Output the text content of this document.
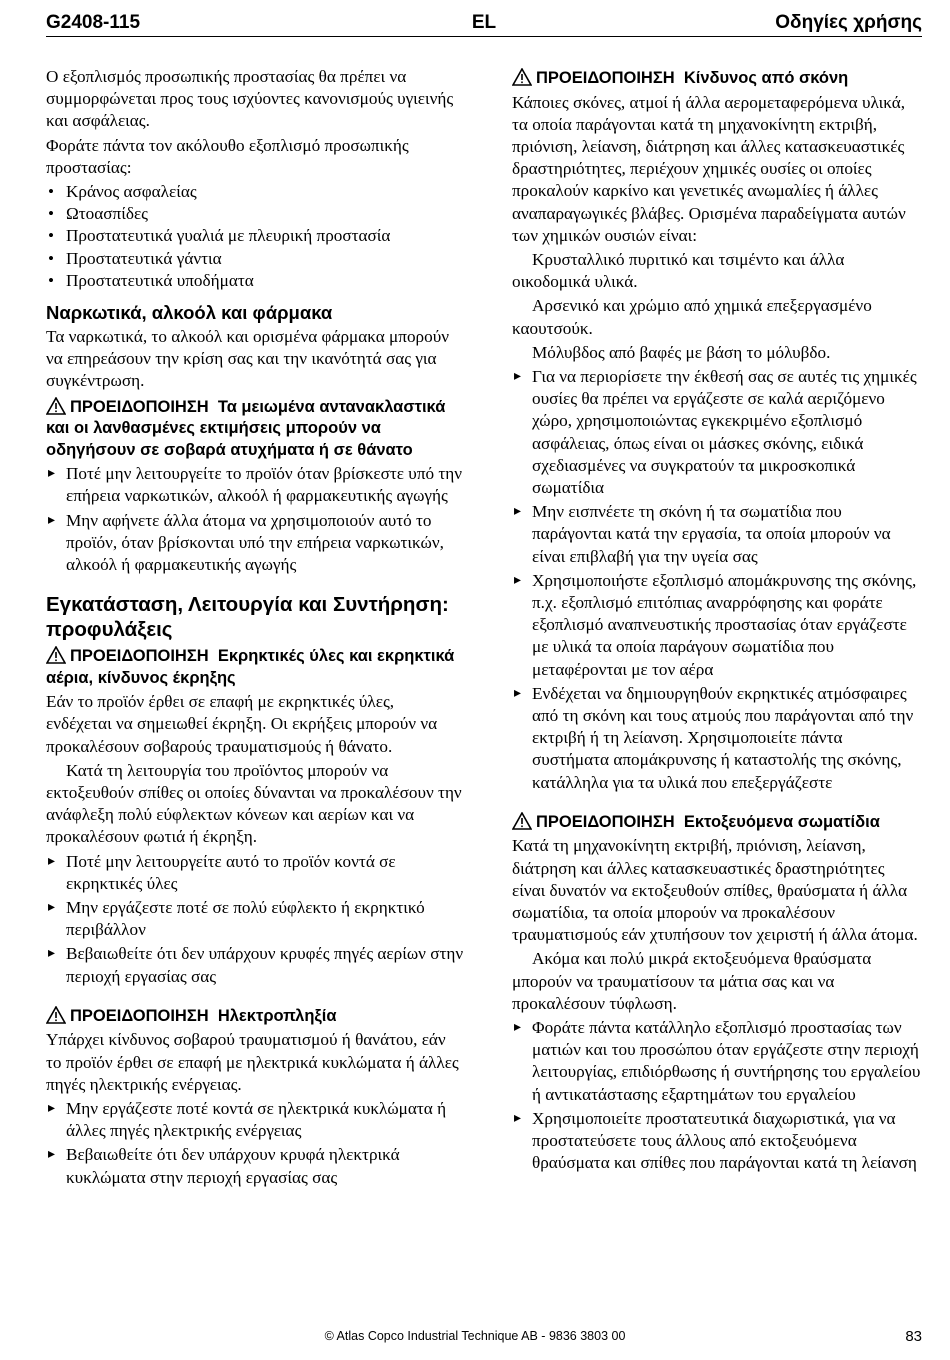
G2408-115	EL	Οδηγίες χρήσης

Ο εξοπλισμός προσωπικής προστασίας θα πρέπει να συμμορφώνεται προς τους ισχύοντες κανονισμούς υγιεινής και ασφάλειας.

Φοράτε πάντα τον ακόλουθο εξοπλισμό προσωπικής προστασίας:

• Κράνος ασφαλείας
• Ωτοασπίδες
• Προστατευτικά γυαλιά με πλευρική προστασία
• Προστατευτικά γάντια
• Προστατευτικά υποδήματα
Ναρκωτικά, αλκοόλ και φάρμακα

Τα ναρκωτικά, το αλκοόλ και ορισμένα φάρμακα μπορούν να επηρεάσουν την κρίση σας και την ικανότητά σας για συγκέντρωση.

ΠΡΟΕΙΔΟΠΟΙΗΣΗ Τα μειωμένα αντανακλαστικά και οι λανθασμένες εκτιμήσεις μπορούν να οδηγήσουν σε σοβαρά ατυχήματα ή σε θάνατο
▸ Ποτέ μην λειτουργείτε το προϊόν όταν βρίσκεστε υπό την επήρεια ναρκωτικών, αλκοόλ ή φαρμακευτικής αγωγής
▸ Μην αφήνετε άλλα άτομα να χρησιμοποιούν αυτό το προϊόν, όταν βρίσκονται υπό την επήρεια ναρκωτικών, αλκοόλ ή φαρμακευτικής αγωγής
Εγκατάσταση, Λειτουργία και Συντήρηση: προφυλάξεις
ΠΡΟΕΙΔΟΠΟΙΗΣΗ Εκρηκτικές ύλες και εκρηκτικά αέρια, κίνδυνος έκρηξης

Εάν το προϊόν έρθει σε επαφή με εκρηκτικές ύλες, ενδέχεται να σημειωθεί έκρηξη. Οι εκρήξεις μπορούν να προκαλέσουν σοβαρούς τραυματισμούς ή θάνατο.

Κατά τη λειτουργία του προϊόντος μπορούν να εκτοξευθούν σπίθες οι οποίες δύνανται να προκαλέσουν την ανάφλεξη πολύ εύφλεκτων κόνεων και αερίων και να προκαλέσουν φωτιά ή έκρηξη.

▸ Ποτέ μην λειτουργείτε αυτό το προϊόν κοντά σε εκρηκτικές ύλες
▸ Μην εργάζεστε ποτέ σε πολύ εύφλεκτο ή εκρηκτικό περιβάλλον
▸ Βεβαιωθείτε ότι δεν υπάρχουν κρυφές πηγές αερίων στην περιοχή εργασίας σας
ΠΡΟΕΙΔΟΠΟΙΗΣΗ Ηλεκτροπληξία

Υπάρχει κίνδυνος σοβαρού τραυματισμού ή θανάτου, εάν το προϊόν έρθει σε επαφή με ηλεκτρικά κυκλώματα ή άλλες πηγές ηλεκτρικής ενέργειας.

▸ Μην εργάζεστε ποτέ κοντά σε ηλεκτρικά κυκλώματα ή άλλες πηγές ηλεκτρικής ενέργειας
▸ Βεβαιωθείτε ότι δεν υπάρχουν κρυφά ηλεκτρικά κυκλώματα στην περιοχή εργασίας σας
ΠΡΟΕΙΔΟΠΟΙΗΣΗ Κίνδυνος από σκόνη

Κάποιες σκόνες, ατμοί ή άλλα αερομεταφερόμενα υλικά, τα οποία παράγονται κατά τη μηχανοκίνητη εκτριβή, πριόνιση, λείανση, διάτρηση και άλλες κατασκευαστικές δραστηριότητες, περιέχουν χημικές ουσίες οι οποίες προκαλούν καρκίνο και γενετικές ανωμαλίες ή άλλες αναπαραγωγικές βλάβες. Ορισμένα παραδείγματα αυτών των χημικών ουσιών είναι:

Κρυσταλλικό πυριτικό και τσιμέντο και άλλα οικοδομικά υλικά.

Αρσενικό και χρώμιο από χημικά επεξεργασμένο καουτσούκ.

Μόλυβδος από βαφές με βάση το μόλυβδο.

▸ Για να περιορίσετε την έκθεσή σας σε αυτές τις χημικές ουσίες θα πρέπει να εργάζεστε σε καλά αεριζόμενο χώρο, χρησιμοποιώντας εγκεκριμένο εξοπλισμό ασφάλειας, όπως είναι οι μάσκες σκόνης, ειδικά σχεδιασμένες να συγκρατούν τα μικροσκοπικά σωματίδια
▸ Μην εισπνέετε τη σκόνη ή τα σωματίδια που παράγονται κατά την εργασία, τα οποία μπορούν να είναι επιβλαβή για την υγεία σας
▸ Χρησιμοποιήστε εξοπλισμό απομάκρυνσης της σκόνης, π.χ. εξοπλισμό επιτόπιας αναρρόφησης και φοράτε εξοπλισμό αναπνευστικής προστασίας όταν εργάζεστε με υλικά τα οποία παράγουν σωματίδια που μεταφέρονται με τον αέρα
▸ Ενδέχεται να δημιουργηθούν εκρηκτικές ατμόσφαιρες από τη σκόνη και τους ατμούς που παράγονται από την εκτριβή ή τη λείανση. Χρησιμοποιείτε πάντα συστήματα απομάκρυνσης ή καταστολής της σκόνης, κατάλληλα για τα υλικά που επεξεργάζεστε
ΠΡΟΕΙΔΟΠΟΙΗΣΗ Εκτοξευόμενα σωματίδια

Κατά τη μηχανοκίνητη εκτριβή, πριόνιση, λείανση, διάτρηση και άλλες κατασκευαστικές δραστηριότητες είναι δυνατόν να εκτοξευθούν σπίθες, θραύσματα ή άλλα σωματίδια, τα οποία μπορούν να προκαλέσουν τραυματισμούς εάν χτυπήσουν τον χειριστή ή άλλα άτομα.

Ακόμα και πολύ μικρά εκτοξευόμενα θραύσματα μπορούν να τραυματίσουν τα μάτια σας και να προκαλέσουν τύφλωση.

▸ Φοράτε πάντα κατάλληλο εξοπλισμό προστασίας των ματιών και του προσώπου όταν εργάζεστε στην περιοχή λειτουργίας, επιδιόρθωσης ή συντήρησης του εργαλείου ή αντικατάστασης εξαρτημάτων του εργαλείου
▸ Χρησιμοποιείτε προστατευτικά διαχωριστικά, για να προστατεύσετε τους άλλους από εκτοξευόμενα θραύσματα και σπίθες που παράγονται κατά τη λείανση
© Atlas Copco Industrial Technique AB - 9836 3803 00	83
